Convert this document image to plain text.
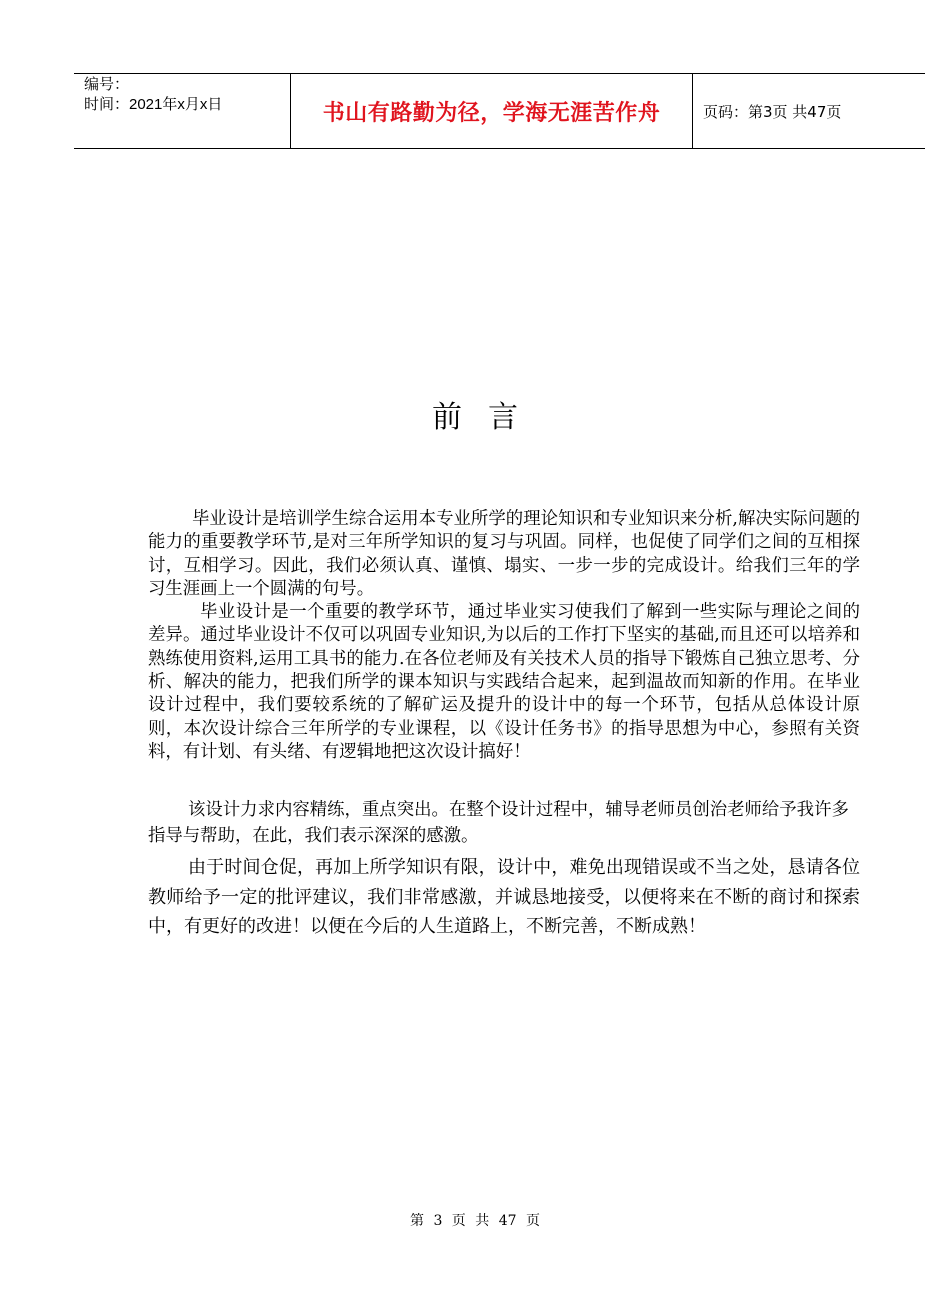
编号：
时间：2021年x月x日	书山有路勤为径，学海无涯苦作舟	页码：第3页 共47页
前言

毕业设计是培训学生综合运用本专业所学的理论知识和专业知识来分析,解决实际问题的能力的重要教学环节,是对三年所学知识的复习与巩固。同样，也促使了同学们之间的互相探讨，互相学习。因此，我们必须认真、谨慎、塌实、一步一步的完成设计。给我们三年的学习生涯画上一个圆满的句号。

毕业设计是一个重要的教学环节，通过毕业实习使我们了解到一些实际与理论之间的差异。通过毕业设计不仅可以巩固专业知识,为以后的工作打下坚实的基础,而且还可以培养和熟练使用资料,运用工具书的能力.在各位老师及有关技术人员的指导下锻炼自己独立思考、分析、解决的能力，把我们所学的课本知识与实践结合起来，起到温故而知新的作用。在毕业设计过程中，我们要较系统的了解矿运及提升的设计中的每一个环节，包括从总体设计原则，本次设计综合三年所学的专业课程，以《设计任务书》的指导思想为中心，参照有关资料，有计划、有头绪、有逻辑地把这次设计搞好！

该设计力求内容精练，重点突出。在整个设计过程中，辅导老师员创治老师给予我许多指导与帮助，在此，我们表示深深的感激。

由于时间仓促，再加上所学知识有限，设计中，难免出现错误或不当之处，恳请各位教师给予一定的批评建议，我们非常感激，并诚恳地接受，以便将来在不断的商讨和探索中，有更好的改进！以便在今后的人生道路上，不断完善，不断成熟！

第 3 页 共 47 页
